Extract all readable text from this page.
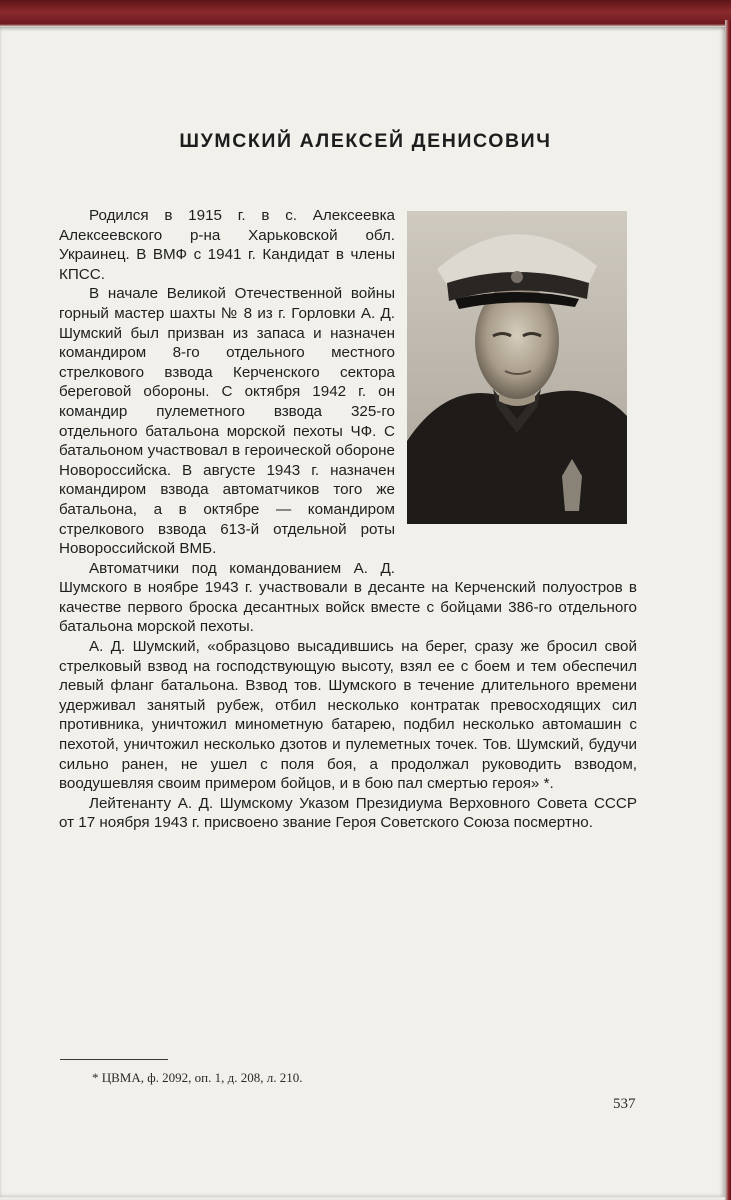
ШУМСКИЙ АЛЕКСЕЙ ДЕНИСОВИЧ

Родился в 1915 г. в с. Алексеевка Алексеевского р-на Харьковской обл. Украинец. В ВМФ с 1941 г. Кандидат в члены КПСС.

В начале Великой Отечественной войны горный мастер шахты № 8 из г. Горловки А. Д. Шумский был призван из запаса и назначен командиром 8-го отдельного местного стрелкового взвода Керченского сектора береговой обороны. С октября 1942 г. он командир пулеметного взвода 325-го отдельного батальона морской пехоты ЧФ. С батальоном участвовал в героической обороне Новороссийска. В августе 1943 г. назначен командиром взвода автоматчиков того же батальона, а в октябре — командиром стрелкового взвода 613-й отдельной роты Новороссийской ВМБ.

Автоматчики под командованием А. Д. Шумского в ноябре 1943 г. участвовали в десанте на Керченский полуостров в качестве первого броска десантных войск вместе с бойцами 386-го отдельного батальона морской пехоты.

А. Д. Шумский, «образцово высадившись на берег, сразу же бросил свой стрелковый взвод на господствующую высоту, взял ее с боем и тем обеспечил левый фланг батальона. Взвод тов. Шумского в течение длительного времени удерживал занятый рубеж, отбил несколько контратак превосходящих сил противника, уничтожил минометную батарею, подбил несколько автомашин с пехотой, уничтожил несколько дзотов и пулеметных точек. Тов. Шумский, будучи сильно ранен, не ушел с поля боя, а продолжал руководить взводом, воодушевляя своим примером бойцов, и в бою пал смертью героя» *.

Лейтенанту А. Д. Шумскому Указом Президиума Верховного Совета СССР от 17 ноября 1943 г. присвоено звание Героя Советского Союза посмертно.

* ЦВМА, ф. 2092, оп. 1, д. 208, л. 210.
537
